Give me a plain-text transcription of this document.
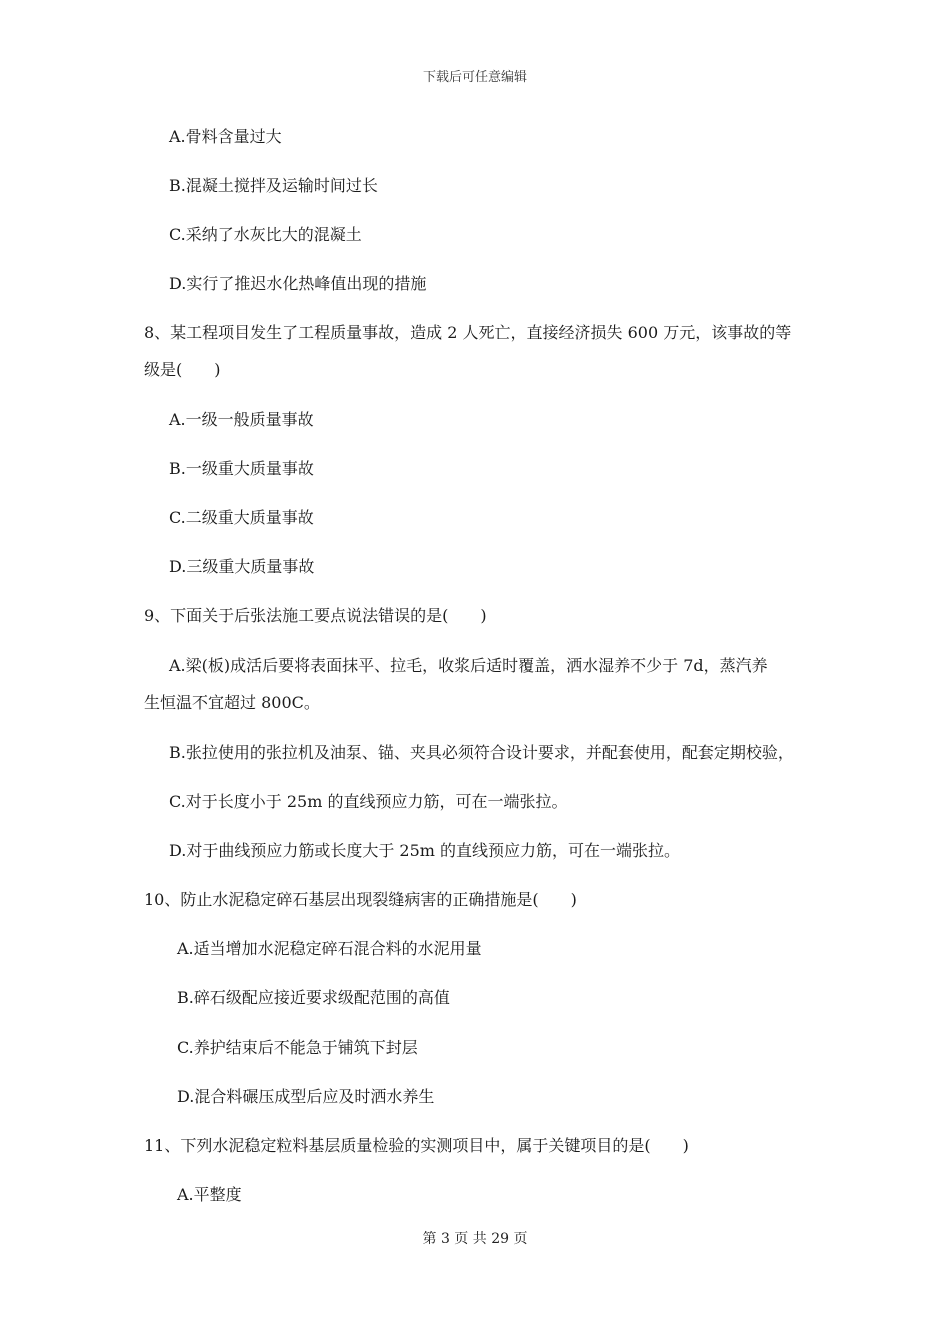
下载后可任意编辑
A.骨料含量过大
B.混凝土搅拌及运输时间过长
C.采纳了水灰比大的混凝土
D.实行了推迟水化热峰值出现的措施
8、某工程项目发生了工程质量事故，造成 2 人死亡，直接经济损失 600 万元，该事故的等
级是(　　)
A.一级一般质量事故
B.一级重大质量事故
C.二级重大质量事故
D.三级重大质量事故
9、下面关于后张法施工要点说法错误的是(　　)
A.梁(板)成活后要将表面抹平、拉毛，收浆后适时覆盖，洒水湿养不少于 7d，蒸汽养
生恒温不宜超过 800C。
B.张拉使用的张拉机及油泵、锚、夹具必须符合设计要求，并配套使用，配套定期校验，
C.对于长度小于 25m 的直线预应力筋，可在一端张拉。
D.对于曲线预应力筋或长度大于 25m 的直线预应力筋，可在一端张拉。
10、防止水泥稳定碎石基层出现裂缝病害的正确措施是(　　)
A.适当增加水泥稳定碎石混合料的水泥用量
B.碎石级配应接近要求级配范围的高值
C.养护结束后不能急于铺筑下封层
D.混合料碾压成型后应及时洒水养生
11、下列水泥稳定粒料基层质量检验的实测项目中，属于关键项目的是(　　)
A.平整度
第 3 页 共 29 页
